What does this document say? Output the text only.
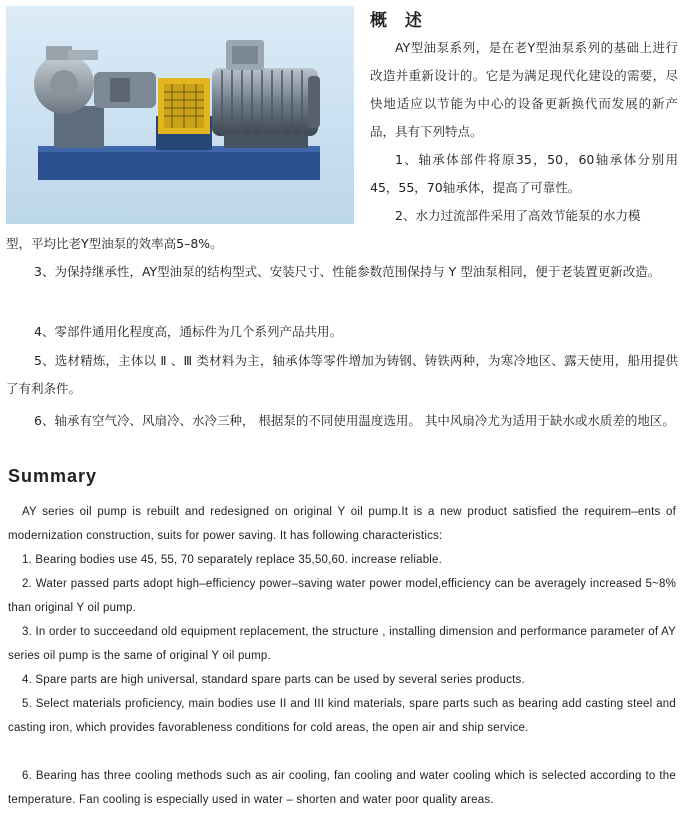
概 述

AY型油泵系列，是在老Y型油泵系列的基础上进行改造并重新设计的。它是为满足现代化建设的需要，尽快地适应以节能为中心的设备更新换代而发展的新产品，具有下列特点。

1、轴承体部件将原35，50，60轴承体分别用45，55，70轴承体，提高了可靠性。

2、水力过流部件采用了高效节能泵的水力模

型，平均比老Y型油泵的效率高5–8%。

3、为保持继承性，AY型油泵的结构型式、安装尺寸、性能参数范围保持与 Y 型油泵相同，便于老装置更新改造。

4、零部件通用化程度高，通标件为几个系列产品共用。

5、选材精炼，主体以 Ⅱ 、Ⅲ 类材料为主，轴承体等零件增加为铸钢、铸铁两种，为寒冷地区、露天使用，船用提供了有利条件。

6、轴承有空气冷、风扇冷、水冷三种， 根据泵的不同使用温度选用。 其中风扇冷尤为适用于缺水或水质差的地区。

Summary

AY series oil pump is rebuilt and redesigned on original Y oil pump.It is a new product satisfied the requirem–ents of modernization construction, suits for power saving. It has following characteristics:

1. Bearing bodies use 45, 55, 70 separately replace 35,50,60. increase reliable.

2. Water passed parts adopt high–efficiency power–saving water power model,efficiency can be averagely increased 5~8% than original Y oil pump.

3. In order to succeedand old equipment replacement, the structure , installing dimension and performance parameter of AY series oil pump is the same of original Y oil pump.

4. Spare parts are high universal, standard spare parts can be used by several series products.

5. Select materials proficiency, main bodies use II and III kind materials, spare parts such as bearing add casting steel and casting iron, which provides favorableness conditions for cold areas, the open air and ship service.

6. Bearing has three cooling methods such as air cooling, fan cooling and water cooling which is selected according to the temperature. Fan cooling is especially used in water – shorten and water poor quality areas.
